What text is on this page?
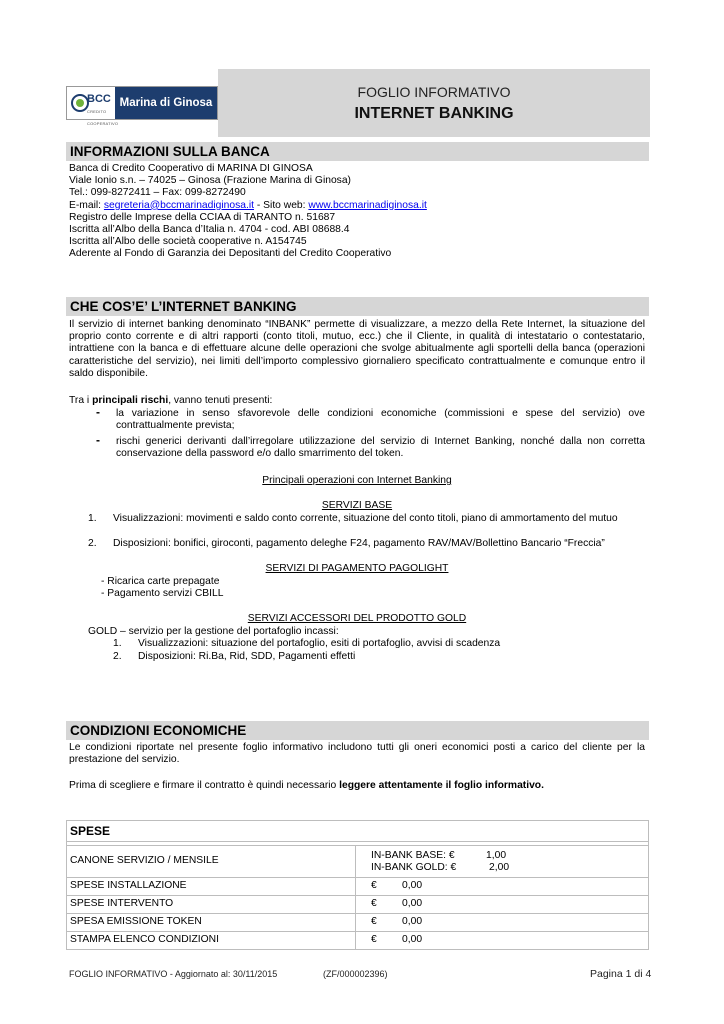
BCC
CREDITO COOPERATIVO
Marina di Ginosa
FOGLIO INFORMATIVO
INTERNET BANKING
INFORMAZIONI SULLA BANCA
Banca di Credito Cooperativo di MARINA DI GINOSA
Viale Ionio s.n. – 74025 – Ginosa (Frazione Marina di Ginosa)
Tel.: 099-8272411 – Fax: 099-8272490
E-mail: segreteria@bccmarinadiginosa.it - Sito web: www.bccmarinadiginosa.it
Registro delle Imprese della CCIAA di TARANTO n. 51687
Iscritta all’Albo della Banca d’Italia n. 4704 - cod. ABI 08688.4
Iscritta all’Albo delle società cooperative n. A154745
Aderente al Fondo di Garanzia dei Depositanti del Credito Cooperativo
CHE COS’E’ L’INTERNET BANKING

Il servizio di internet banking denominato “INBANK” permette di visualizzare, a mezzo della Rete Internet, la situazione del proprio conto corrente e di altri rapporti (conto titoli, mutuo, ecc.) che il Cliente, in qualità di intestatario o contestatario, intrattiene con la banca e di effettuare alcune delle operazioni che svolge abitualmente agli sportelli della banca (operazioni caratteristiche del servizio), nei limiti dell’importo complessivo giornaliero specificato contrattualmente e comunque entro il saldo disponibile.

Tra i principali rischi, vanno tenuti presenti:
- la variazione in senso sfavorevole delle condizioni economiche (commissioni e spese del servizio) ove contrattualmente prevista;

- rischi generici derivanti dall’irregolare utilizzazione del servizio di Internet Banking, nonché dalla non corretta conservazione della password e/o dallo smarrimento del token.

Principali operazioni con Internet Banking
SERVIZI BASE
1. Visualizzazioni: movimenti e saldo conto corrente, situazione del conto titoli, piano di ammortamento del mutuo

2. Disposizioni: bonifici, giroconti, pagamento deleghe F24, pagamento RAV/MAV/Bollettino Bancario “Freccia”
SERVIZI DI PAGAMENTO PAGOLIGHT
- Ricarica carte prepagate
- Pagamento servizi CBILL
SERVIZI ACCESSORI DEL PRODOTTO GOLD
GOLD – servizio per la gestione del portafoglio incassi:
1. Visualizzazioni: situazione del portafoglio, esiti di portafoglio, avvisi di scadenza
2. Disposizioni: Ri.Ba, Rid, SDD, Pagamenti effetti
CONDIZIONI ECONOMICHE

Le condizioni riportate nel presente foglio informativo includono tutti gli oneri economici posti a carico del cliente per la prestazione del servizio.

Prima di scegliere e firmare il contratto è quindi necessario leggere attentamente il foglio informativo.
SPESE	

CANONE SERVIZIO / MENSILE	IN-BANK BASE: € 1,00
IN-BANK GOLD: € 2,00

SPESE INSTALLAZIONE	€ 0,00
SPESE INTERVENTO	€ 0,00
SPESA EMISSIONE TOKEN	€ 0,00
STAMPA ELENCO CONDIZIONI	€ 0,00
FOGLIO INFORMATIVO - Aggiornato al: 30/11/2015	(ZF/000002396)	Pagina 1 di 4
